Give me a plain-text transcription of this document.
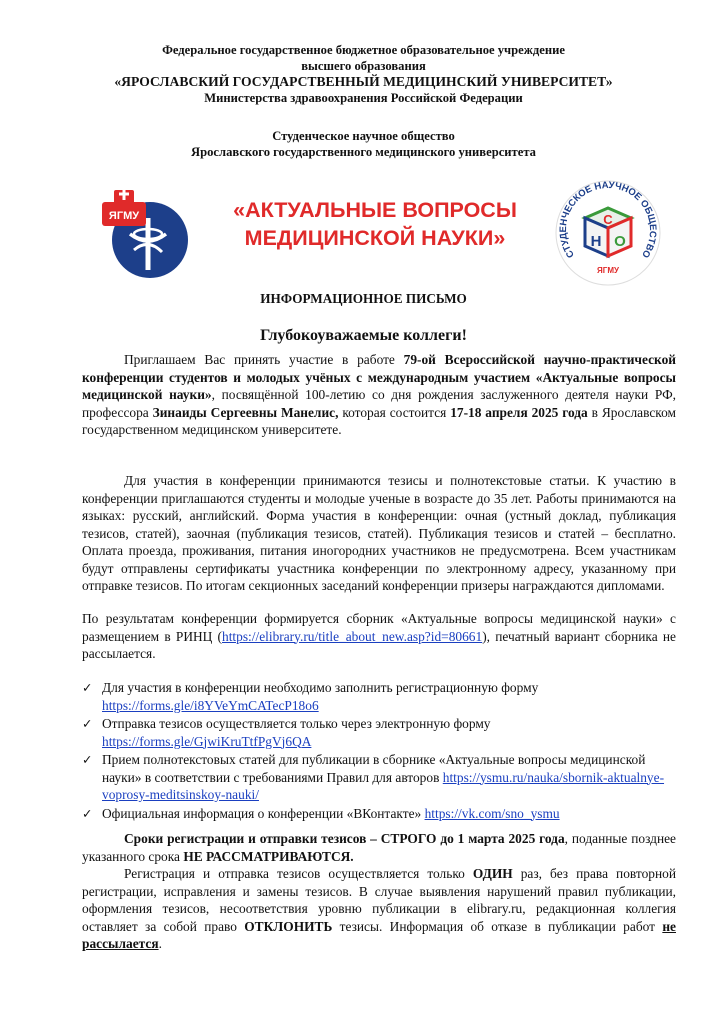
Федеральное государственное бюджетное образовательное учреждение
высшего образования
«ЯРОСЛАВСКИЙ ГОСУДАРСТВЕННЫЙ МЕДИЦИНСКИЙ УНИВЕРСИТЕТ»
Министерства здравоохранения Российской Федерации
Студенческое научное общество
Ярославского государственного медицинского университета
ЯГМУ	«АКТУАЛЬНЫЕ ВОПРОСЫ
МЕДИЦИНСКОЙ НАУКИ»
СТУДЕНЧЕСКОЕ НАУЧНОЕ ОБЩЕСТВО
С
Н О
ЯГМУ
ИНФОРМАЦИОННОЕ ПИСЬМО
Глубокоуважаемые коллеги!
Приглашаем Вас принять участие в работе 79-ой Всероссийской научно-практической конференции студентов и молодых учёных с международным участием «Актуальные вопросы медицинской науки», посвящённой 100-летию со дня рождения заслуженного деятеля науки РФ, профессора Зинаиды Сергеевны Манелис, которая состоится 17-18 апреля 2025 года в Ярославском государственном медицинском университете.
Для участия в конференции принимаются тезисы и полнотекстовые статьи. К участию в конференции приглашаются студенты и молодые ученые в возрасте до 35 лет. Работы принимаются на языках: русский, английский. Форма участия в конференции: очная (устный доклад, публикация тезисов, статей), заочная (публикация тезисов, статей). Публикация тезисов и статей – бесплатно. Оплата проезда, проживания, питания иногородних участников не предусмотрена. Всем участникам будут отправлены сертификаты участника конференции по электронному адресу, указанному при отправке тезисов. По итогам секционных заседаний конференции призеры награждаются дипломами.
По результатам конференции формируется сборник «Актуальные вопросы медицинской науки» с размещением в РИНЦ (https://elibrary.ru/title_about_new.asp?id=80661), печатный вариант сборника не рассылается.
✓ Для участия в конференции необходимо заполнить регистрационную форму https://forms.gle/i8YVeYmCATecP18o6
✓ Отправка тезисов осуществляется только через электронную форму https://forms.gle/GjwiKruTtfPgVj6QA
✓ Прием полнотекстовых статей для публикации в сборнике «Актуальные вопросы медицинской науки» в соответствии с требованиями Правил для авторов https://ysmu.ru/nauka/sbornik-aktualnye-voprosy-meditsinskoy-nauki/
✓ Официальная информация о конференции «ВКонтакте» https://vk.com/sno_ysmu
Сроки регистрации и отправки тезисов – СТРОГО до 1 марта 2025 года, поданные позднее указанного срока НЕ РАССМАТРИВАЮТСЯ.
Регистрация и отправка тезисов осуществляется только ОДИН раз, без права повторной регистрации, исправления и замены тезисов. В случае выявления нарушений правил публикации, оформления тезисов, несоответствия уровню публикации в elibrary.ru, редакционная коллегия оставляет за собой право ОТКЛОНИТЬ тезисы. Информация об отказе в публикации работ не рассылается.
